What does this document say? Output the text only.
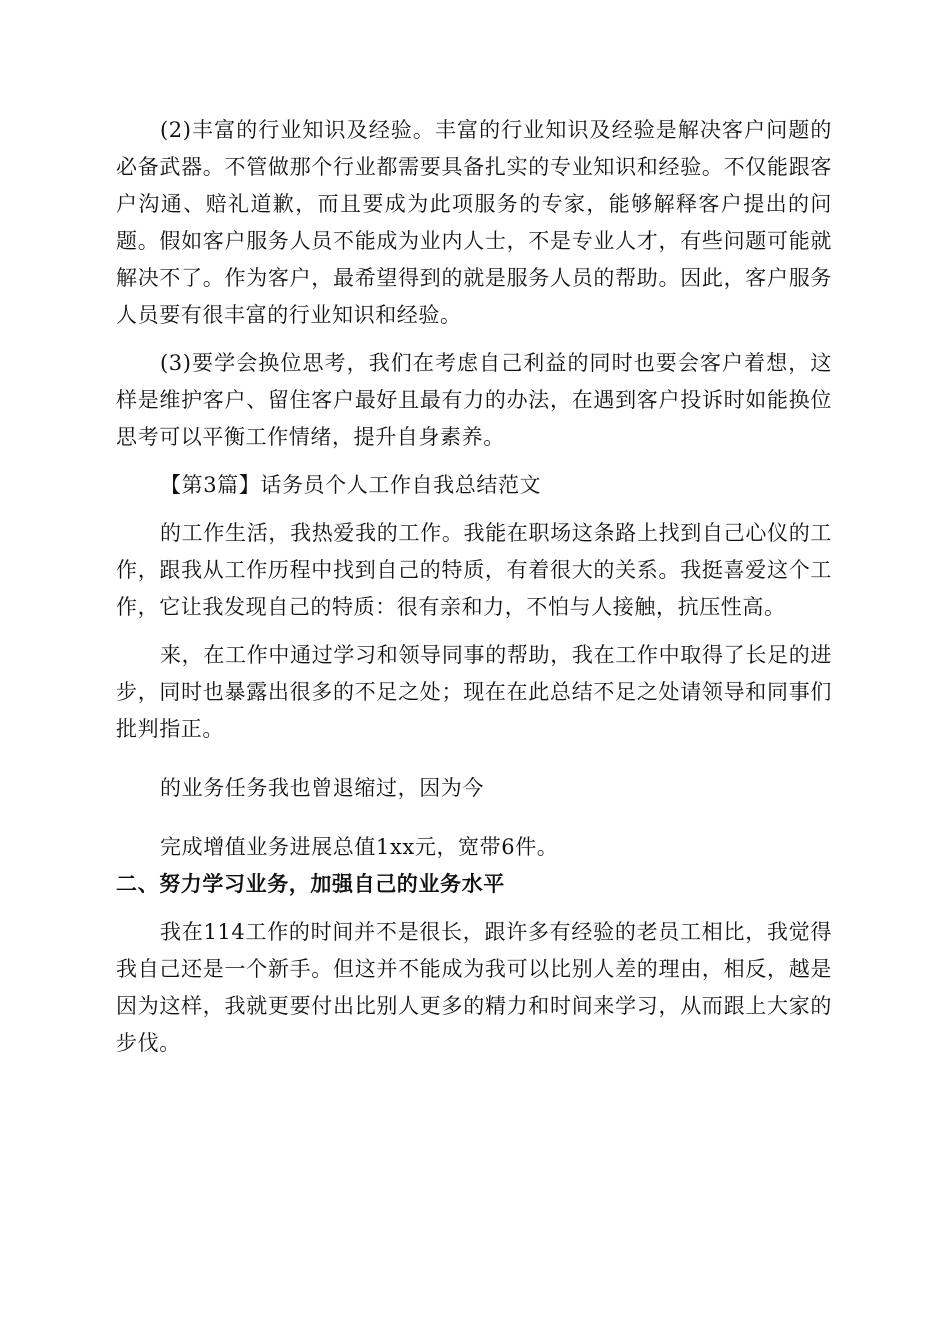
(2)丰富的行业知识及经验。丰富的行业知识及经验是解决客户问题的必备武器。不管做那个行业都需要具备扎实的专业知识和经验。不仅能跟客户沟通、赔礼道歉，而且要成为此项服务的专家，能够解释客户提出的问题。假如客户服务人员不能成为业内人士，不是专业人才，有些问题可能就解决不了。作为客户，最希望得到的就是服务人员的帮助。因此，客户服务人员要有很丰富的行业知识和经验。

(3)要学会换位思考，我们在考虑自己利益的同时也要会客户着想，这样是维护客户、留住客户最好且最有力的办法，在遇到客户投诉时如能换位思考可以平衡工作情绪，提升自身素养。

【第3篇】话务员个人工作自我总结范文

的工作生活，我热爱我的工作。我能在职场这条路上找到自己心仪的工作，跟我从工作历程中找到自己的特质，有着很大的关系。我挺喜爱这个工作，它让我发现自己的特质：很有亲和力，不怕与人接触，抗压性高。

来，在工作中通过学习和领导同事的帮助，我在工作中取得了长足的进步，同时也暴露出很多的不足之处；现在在此总结不足之处请领导和同事们批判指正。

的业务任务我也曾退缩过，因为今

完成增值业务进展总值1xx元，宽带6件。

二、努力学习业务，加强自己的业务水平

我在114工作的时间并不是很长，跟许多有经验的老员工相比，我觉得我自己还是一个新手。但这并不能成为我可以比别人差的理由，相反，越是因为这样，我就更要付出比别人更多的精力和时间来学习，从而跟上大家的步伐。
